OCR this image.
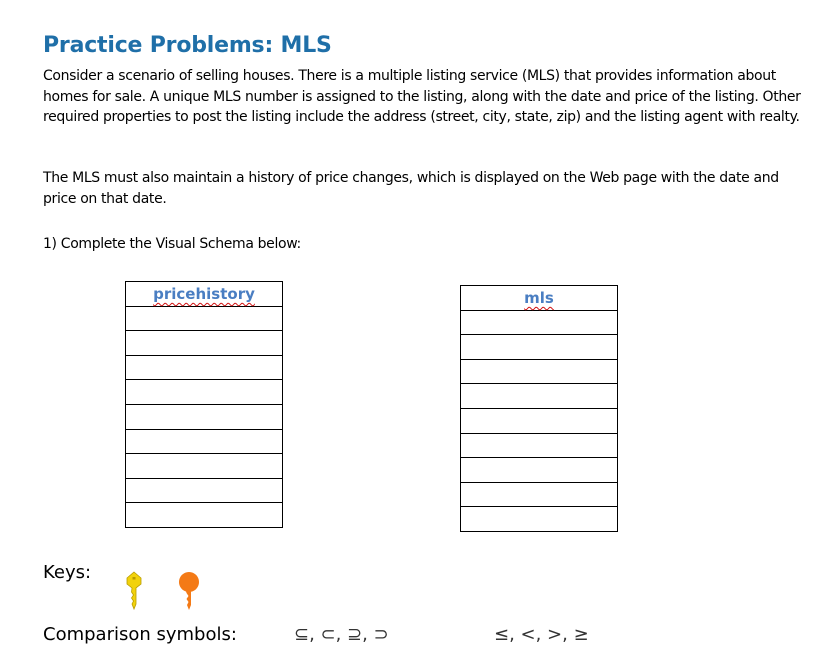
Practice Problems: MLS

Consider a scenario of selling houses. There is a multiple listing service (MLS) that provides information about homes for sale. A unique MLS number is assigned to the listing, along with the date and price of the listing. Other required properties to post the listing include the address (street, city, state, zip) and the listing agent with realty.

The MLS must also maintain a history of price changes, which is displayed on the Web page with the date and price on that date.

1) Complete the Visual Schema below:

pricehistory	mls
Keys:
Comparison symbols:	⊆, ⊂, ⊇, ⊃	≤, <, >, ≥
